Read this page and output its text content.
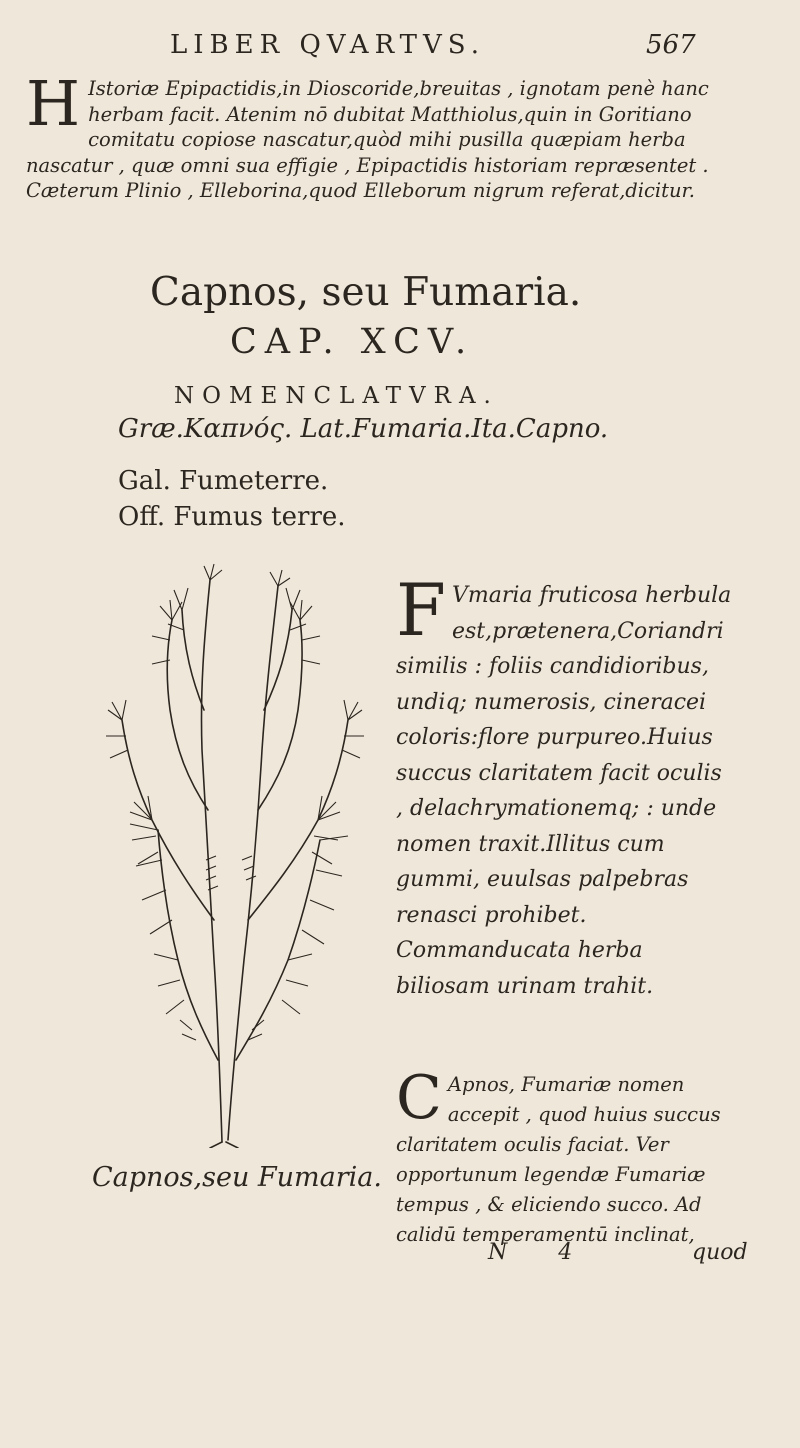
LIBER QVARTVS.	567

H Istoriæ Epipactidis,in Dioscoride,breuitas , ignotam penè hanc herbam facit. Atenim nō dubitat Matthiolus,quin in Goritiano comitatu copiose nascatur,quòd mihi pusilla quæpiam herba nascatur , quæ omni sua effigie , Epipactidis historiam repræsentet . Cæterum Plinio , Elleborina,quod Elleborum nigrum referat,dicitur.

Capnos, seu Fumaria.
CAP. XCV.
NOMENCLATVRA.
Græ.Καπνός. Lat.Fumaria.Ita.Capno.
Gal. Fumeterre.
Off. Fumus terre.
Capnos,seu Fumaria.

F Vmaria fruticosa herbula est,prætenera,Coriandri similis : foliis candidioribus, undiq; numerosis, cineracei coloris:flore purpureo.Huius succus claritatem facit oculis , delachrymationemq; : unde nomen traxit.Illitus cum gummi, euulsas palpebras renasci prohibet. Commanducata herba biliosam urinam trahit.

C Apnos, Fumariæ nomen accepit , quod huius succus claritatem oculis faciat. Ver opportunum legendæ Fumariæ tempus , & eliciendo succo. Ad calidū temperamentū inclinat,

N 4	quod
